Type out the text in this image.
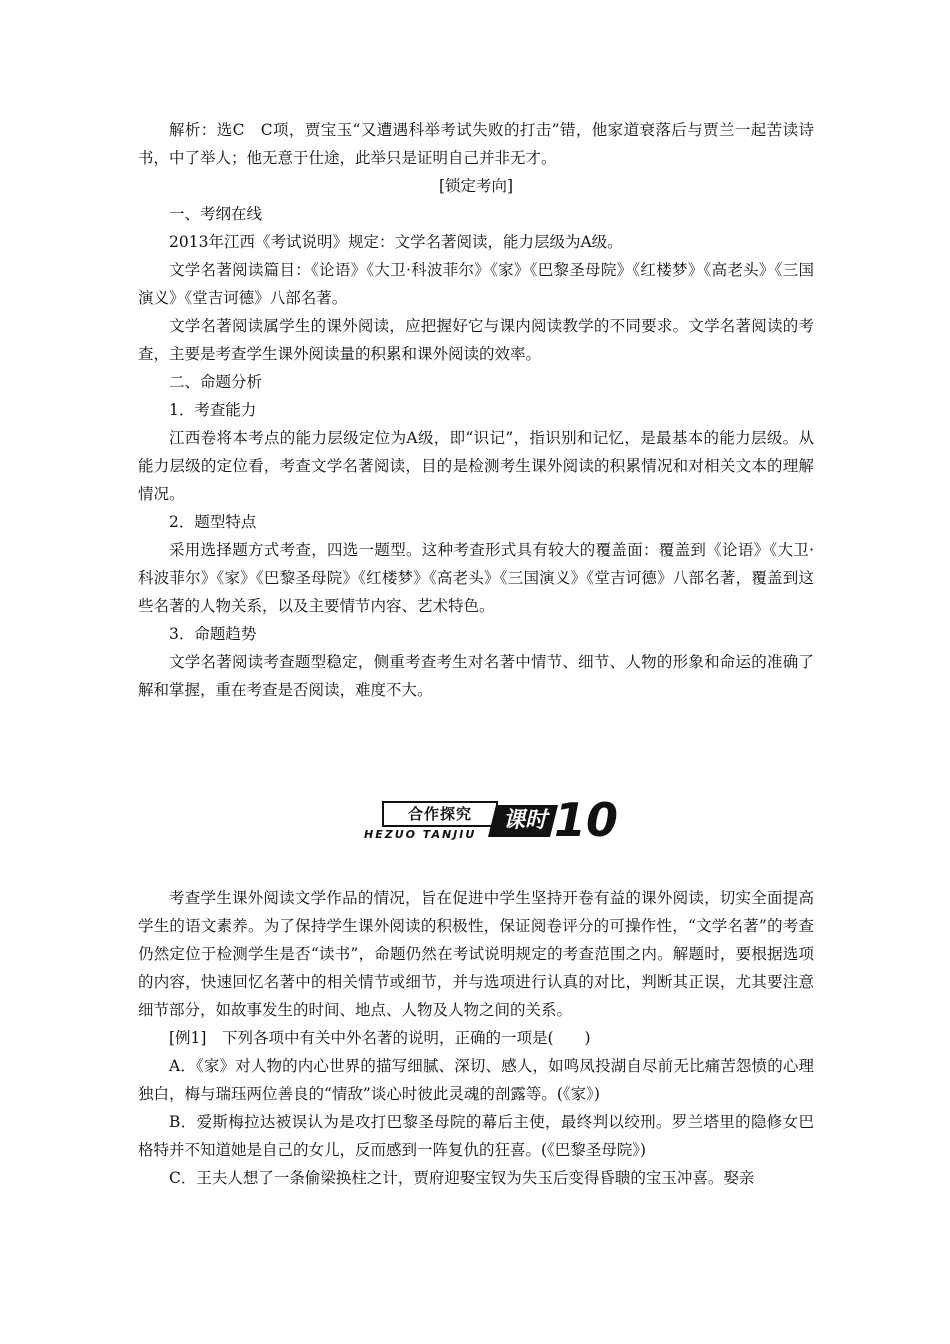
解析：选C　C项，贾宝玉“又遭遇科举考试失败的打击”错，他家道衰落后与贾兰一起苦读诗书，中了举人；他无意于仕途，此举只是证明自己并非无才。

[锁定考向]

一、考纲在线

2013年江西《考试说明》规定：文学名著阅读，能力层级为A级。

文学名著阅读篇目：《论语》《大卫·科波菲尔》《家》《巴黎圣母院》《红楼梦》《高老头》《三国演义》《堂吉诃德》八部名著。

文学名著阅读属学生的课外阅读，应把握好它与课内阅读教学的不同要求。文学名著阅读的考查，主要是考查学生课外阅读量的积累和课外阅读的效率。

二、命题分析

1．考查能力

江西卷将本考点的能力层级定位为A级，即“识记”，指识别和记忆，是最基本的能力层级。从能力层级的定位看，考查文学名著阅读，目的是检测考生课外阅读的积累情况和对相关文本的理解情况。

2．题型特点

采用选择题方式考查，四选一题型。这种考查形式具有较大的覆盖面：覆盖到《论语》《大卫·科波菲尔》《家》《巴黎圣母院》《红楼梦》《高老头》《三国演义》《堂吉诃德》八部名著，覆盖到这些名著的人物关系，以及主要情节内容、艺术特色。

3．命题趋势

文学名著阅读考查题型稳定，侧重考查考生对名著中情节、细节、人物的形象和命运的准确了解和掌握，重在考查是否阅读，难度不大。

合作探究
HEZUO TANJIU
课时 10

考查学生课外阅读文学作品的情况，旨在促进中学生坚持开卷有益的课外阅读，切实全面提高学生的语文素养。为了保持学生课外阅读的积极性，保证阅卷评分的可操作性，“文学名著”的考查仍然定位于检测学生是否“读书”，命题仍然在考试说明规定的考查范围之内。解题时，要根据选项的内容，快速回忆名著中的相关情节或细节，并与选项进行认真的对比，判断其正误，尤其要注意细节部分，如故事发生的时间、地点、人物及人物之间的关系。

[例1]　下列各项中有关中外名著的说明，正确的一项是(　　)

A．《家》对人物的内心世界的描写细腻、深切、感人，如鸣凤投湖自尽前无比痛苦怨愤的心理独白，梅与瑞珏两位善良的“情敌”谈心时彼此灵魂的剖露等。(《家》)

B．爱斯梅拉达被误认为是攻打巴黎圣母院的幕后主使，最终判以绞刑。罗兰塔里的隐修女巴格特并不知道她是自己的女儿，反而感到一阵复仇的狂喜。(《巴黎圣母院》)

C．王夫人想了一条偷梁换柱之计，贾府迎娶宝钗为失玉后变得昏聩的宝玉冲喜。娶亲
